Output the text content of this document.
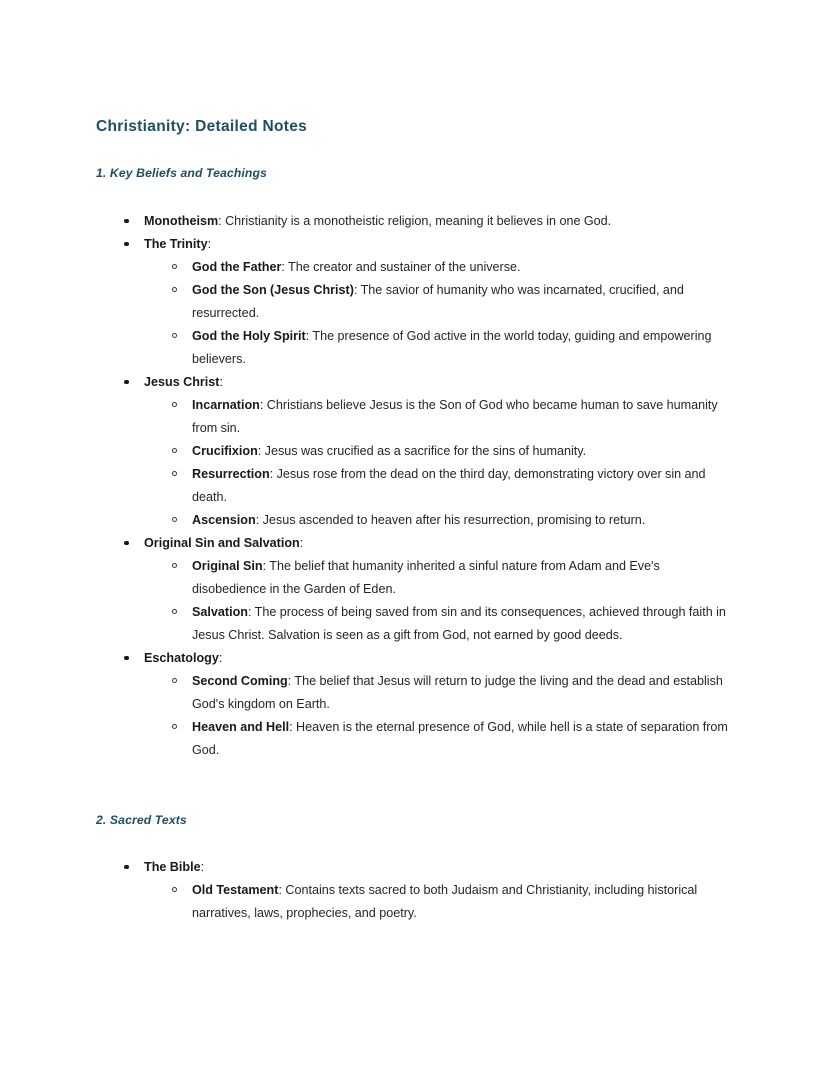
Christianity: Detailed Notes
1. Key Beliefs and Teachings
Monotheism: Christianity is a monotheistic religion, meaning it believes in one God.
The Trinity:
God the Father: The creator and sustainer of the universe.
God the Son (Jesus Christ): The savior of humanity who was incarnated, crucified, and resurrected.
God the Holy Spirit: The presence of God active in the world today, guiding and empowering believers.
Jesus Christ:
Incarnation: Christians believe Jesus is the Son of God who became human to save humanity from sin.
Crucifixion: Jesus was crucified as a sacrifice for the sins of humanity.
Resurrection: Jesus rose from the dead on the third day, demonstrating victory over sin and death.
Ascension: Jesus ascended to heaven after his resurrection, promising to return.
Original Sin and Salvation:
Original Sin: The belief that humanity inherited a sinful nature from Adam and Eve's disobedience in the Garden of Eden.
Salvation: The process of being saved from sin and its consequences, achieved through faith in Jesus Christ. Salvation is seen as a gift from God, not earned by good deeds.
Eschatology:
Second Coming: The belief that Jesus will return to judge the living and the dead and establish God's kingdom on Earth.
Heaven and Hell: Heaven is the eternal presence of God, while hell is a state of separation from God.
2. Sacred Texts
The Bible:
Old Testament: Contains texts sacred to both Judaism and Christianity, including historical narratives, laws, prophecies, and poetry.
